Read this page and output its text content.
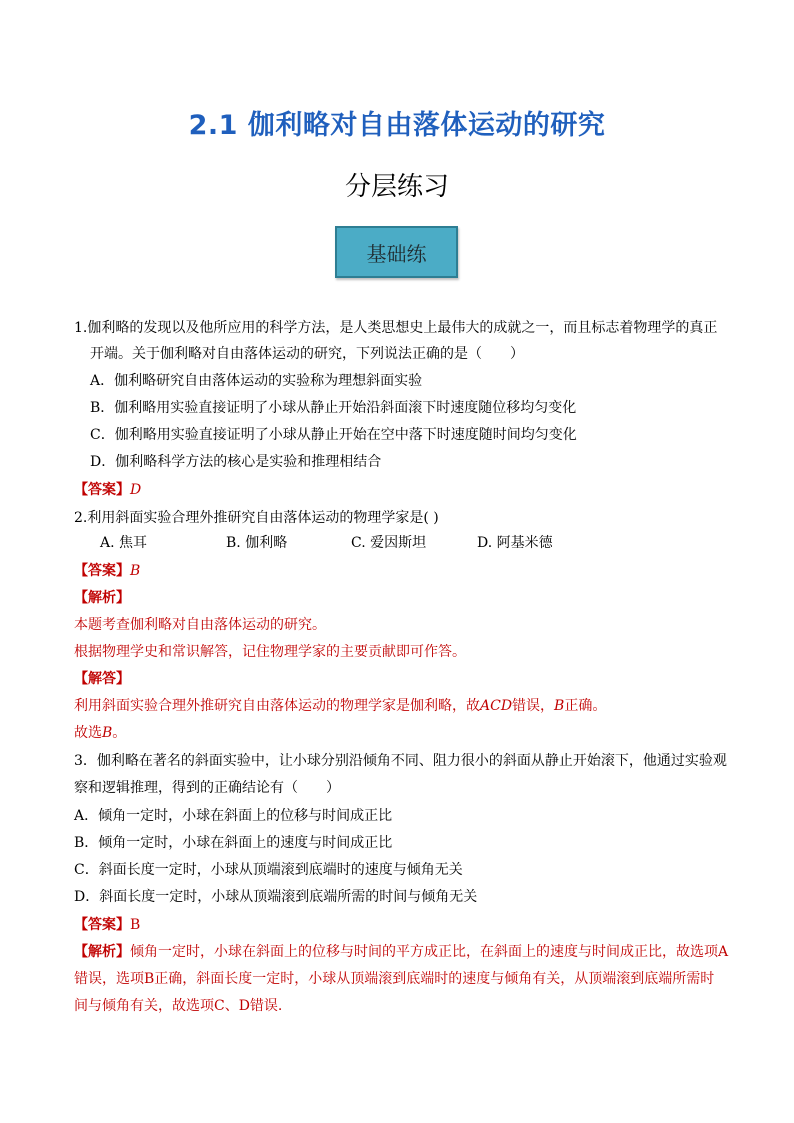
2.1 伽利略对自由落体运动的研究
分层练习
基础练
1.伽利略的发现以及他所应用的科学方法，是人类思想史上最伟大的成就之一，而且标志着物理学的真正
开端。关于伽利略对自由落体运动的研究，下列说法正确的是（　　）
A．伽利略研究自由落体运动的实验称为理想斜面实验
B．伽利略用实验直接证明了小球从静止开始沿斜面滚下时速度随位移均匀变化
C．伽利略用实验直接证明了小球从静止开始在空中落下时速度随时间均匀变化
D．伽利略科学方法的核心是实验和推理相结合
【答案】D
2.利用斜面实验合理外推研究自由落体运动的物理学家是( )
A. 焦耳	B. 伽利略	C. 爱因斯坦	D. 阿基米德
【答案】B
【解析】
本题考查伽利略对自由落体运动的研究。
根据物理学史和常识解答，记住物理学家的主要贡献即可作答。
【解答】
利用斜面实验合理外推研究自由落体运动的物理学家是伽利略，故ACD错误，B正确。
故选B。
3．伽利略在著名的斜面实验中，让小球分别沿倾角不同、阻力很小的斜面从静止开始滚下，他通过实验观
察和逻辑推理，得到的正确结论有（　　）
A．倾角一定时，小球在斜面上的位移与时间成正比
B．倾角一定时，小球在斜面上的速度与时间成正比
C．斜面长度一定时，小球从顶端滚到底端时的速度与倾角无关
D．斜面长度一定时，小球从顶端滚到底端所需的时间与倾角无关
【答案】B
【解析】倾角一定时，小球在斜面上的位移与时间的平方成正比，在斜面上的速度与时间成正比，故选项A
错误，选项B正确，斜面长度一定时，小球从顶端滚到底端时的速度与倾角有关，从顶端滚到底端所需时
间与倾角有关，故选项C、D错误.
